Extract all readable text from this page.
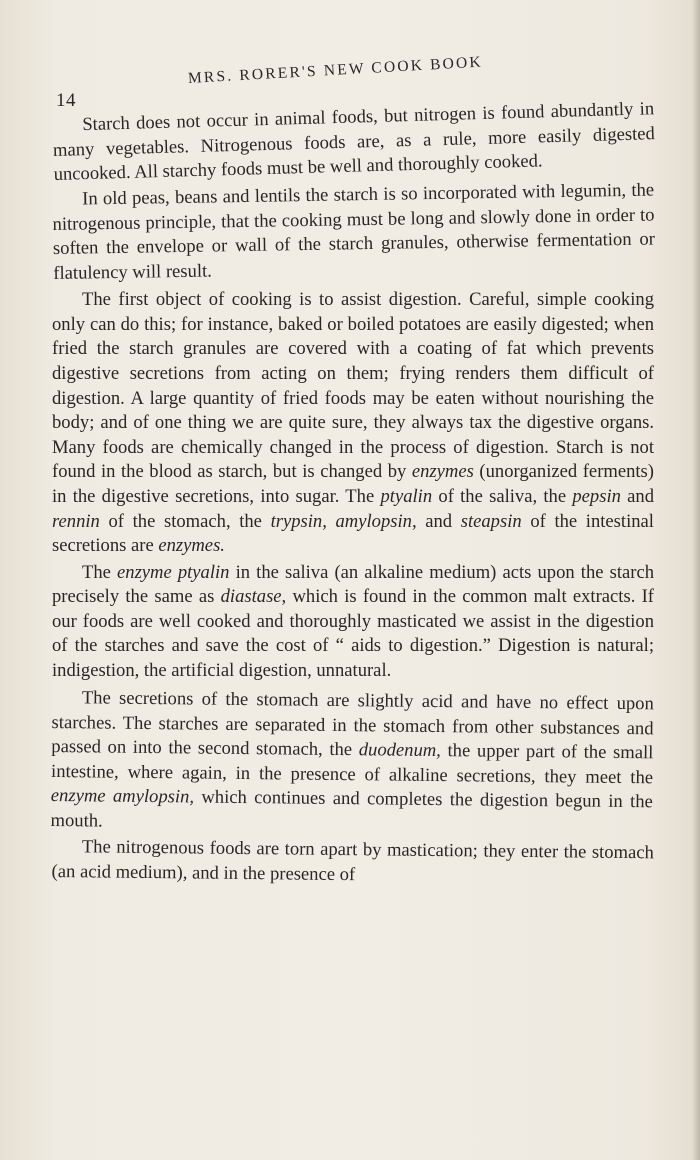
14
MRS. RORER'S NEW COOK BOOK

Starch does not occur in animal foods, but nitrogen is found abundantly in many vegetables. Nitrogenous foods are, as a rule, more easily digested uncooked. All starchy foods must be well and thoroughly cooked.

In old peas, beans and lentils the starch is so incorporated with legumin, the nitrogenous principle, that the cooking must be long and slowly done in order to soften the envelope or wall of the starch granules, otherwise fermentation or flatulency will result.

The first object of cooking is to assist digestion. Careful, simple cooking only can do this; for instance, baked or boiled potatoes are easily digested; when fried the starch granules are covered with a coating of fat which prevents digestive secretions from acting on them; frying renders them difficult of digestion. A large quantity of fried foods may be eaten without nourishing the body; and of one thing we are quite sure, they always tax the digestive organs. Many foods are chemically changed in the process of digestion. Starch is not found in the blood as starch, but is changed by enzymes (unorganized ferments) in the digestive secretions, into sugar. The ptyalin of the saliva, the pepsin and rennin of the stomach, the trypsin, amylopsin, and steapsin of the intestinal secretions are enzymes.

The enzyme ptyalin in the saliva (an alkaline medium) acts upon the starch precisely the same as diastase, which is found in the common malt extracts. If our foods are well cooked and thoroughly masticated we assist in the digestion of the starches and save the cost of “ aids to digestion.” Digestion is natural; indigestion, the artificial digestion, unnatural.

The secretions of the stomach are slightly acid and have no effect upon starches. The starches are separated in the stomach from other substances and passed on into the second stomach, the duodenum, the upper part of the small intestine, where again, in the presence of alkaline secretions, they meet the enzyme amylopsin, which continues and completes the digestion begun in the mouth.

The nitrogenous foods are torn apart by mastication; they enter the stomach (an acid medium), and in the presence of
